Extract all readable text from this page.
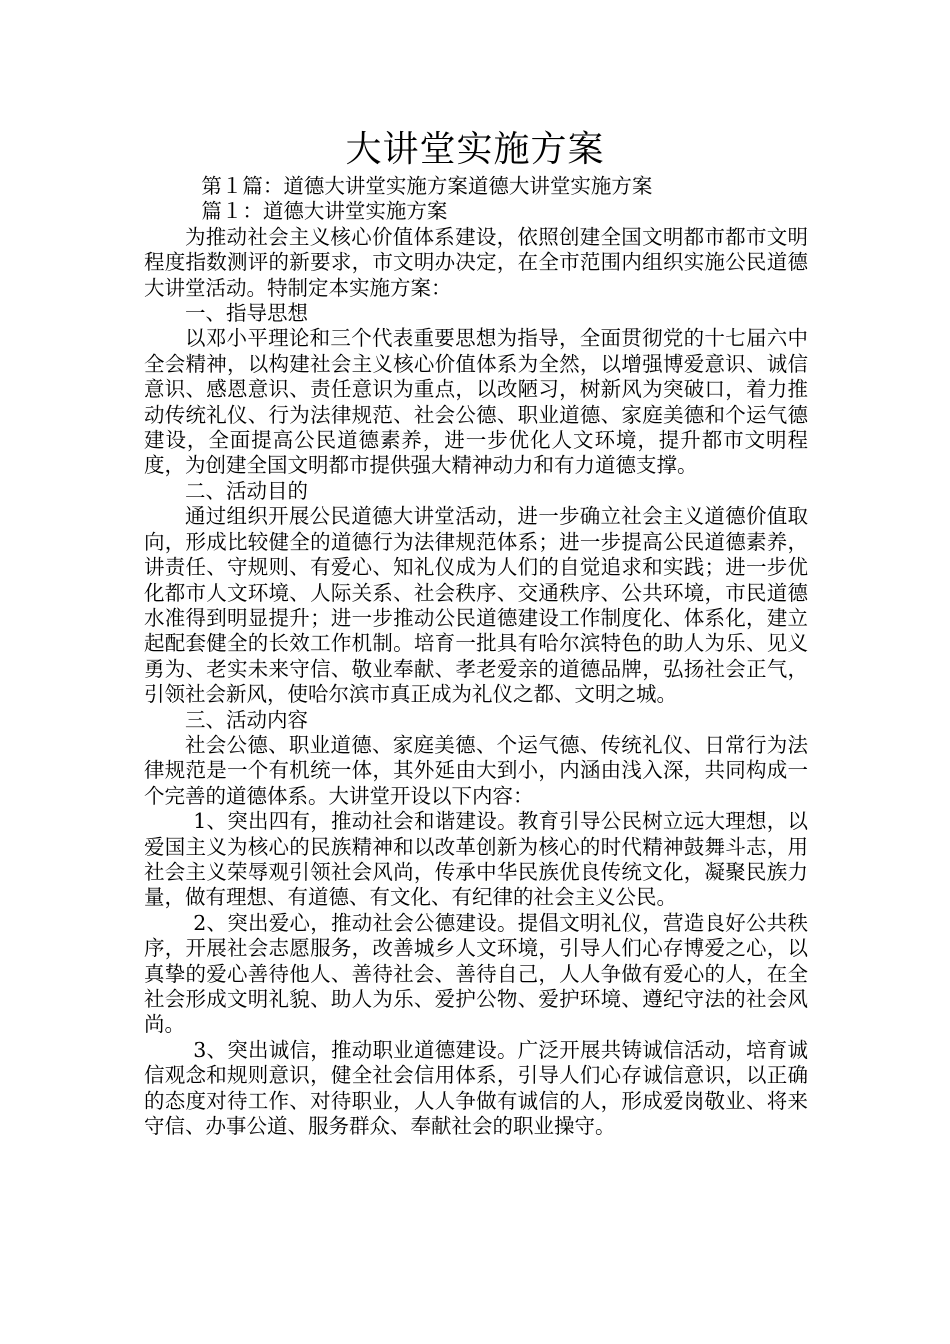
大讲堂实施方案

第１篇：道德大讲堂实施方案道德大讲堂实施方案

篇１：道德大讲堂实施方案

为推动社会主义核心价值体系建设，依照创建全国文明都市都市文明程度指数测评的新要求，市文明办决定，在全市范围内组织实施公民道德大讲堂活动。特制定本实施方案：

一、指导思想

以邓小平理论和三个代表重要思想为指导，全面贯彻党的十七届六中全会精神，以构建社会主义核心价值体系为全然，以增强博爱意识、诚信意识、感恩意识、责任意识为重点，以改陋习，树新风为突破口，着力推动传统礼仪、行为法律规范、社会公德、职业道德、家庭美德和个运气德建设，全面提高公民道德素养，进一步优化人文环境，提升都市文明程度，为创建全国文明都市提供强大精神动力和有力道德支撑。

二、活动目的

通过组织开展公民道德大讲堂活动，进一步确立社会主义道德价值取向，形成比较健全的道德行为法律规范体系；进一步提高公民道德素养，讲责任、守规则、有爱心、知礼仪成为人们的自觉追求和实践；进一步优化都市人文环境、人际关系、社会秩序、交通秩序、公共环境，市民道德水准得到明显提升；进一步推动公民道德建设工作制度化、体系化，建立起配套健全的长效工作机制。培育一批具有哈尔滨特色的助人为乐、见义勇为、老实未来守信、敬业奉献、孝老爱亲的道德品牌，弘扬社会正气，引领社会新风，使哈尔滨市真正成为礼仪之都、文明之城。

三、活动内容

社会公德、职业道德、家庭美德、个运气德、传统礼仪、日常行为法律规范是一个有机统一体，其外延由大到小，内涵由浅入深，共同构成一个完善的道德体系。大讲堂开设以下内容：

1、突出四有，推动社会和谐建设。教育引导公民树立远大理想，以爱国主义为核心的民族精神和以改革创新为核心的时代精神鼓舞斗志，用社会主义荣辱观引领社会风尚，传承中华民族优良传统文化，凝聚民族力量，做有理想、有道德、有文化、有纪律的社会主义公民。

2、突出爱心，推动社会公德建设。提倡文明礼仪，营造良好公共秩序，开展社会志愿服务，改善城乡人文环境，引导人们心存博爱之心，以真挚的爱心善待他人、善待社会、善待自己，人人争做有爱心的人，在全社会形成文明礼貌、助人为乐、爱护公物、爱护环境、遵纪守法的社会风尚。

3、突出诚信，推动职业道德建设。广泛开展共铸诚信活动，培育诚信观念和规则意识，健全社会信用体系，引导人们心存诚信意识，以正确的态度对待工作、对待职业，人人争做有诚信的人，形成爱岗敬业、将来守信、办事公道、服务群众、奉献社会的职业操守。
